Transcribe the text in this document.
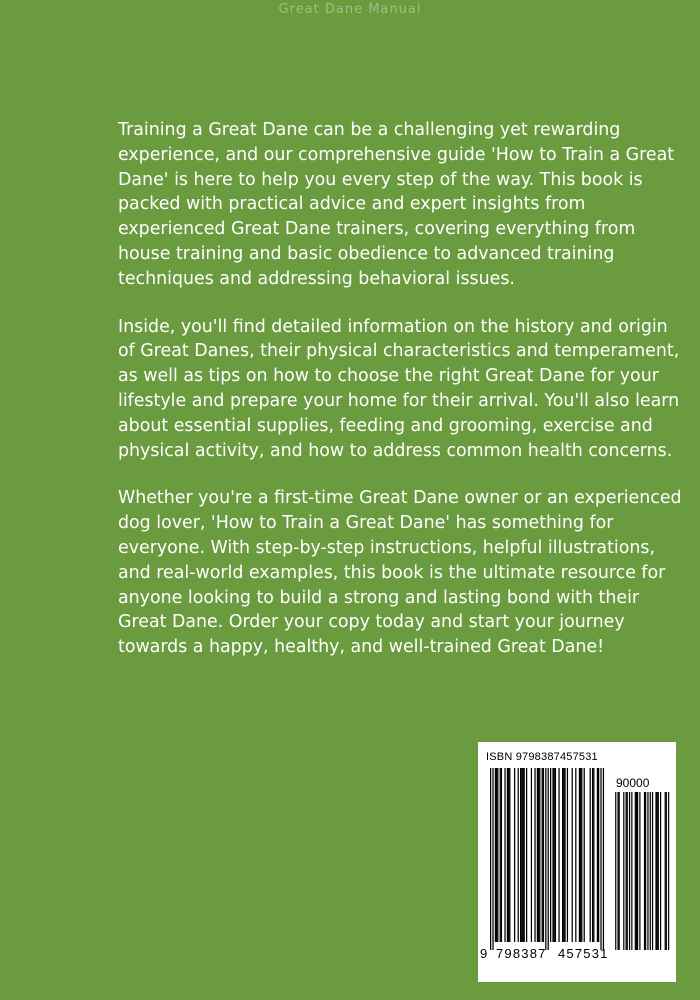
Great Dane Manual

Training a Great Dane can be a challenging yet rewarding experience, and our comprehensive guide 'How to Train a Great Dane' is here to help you every step of the way. This book is packed with practical advice and expert insights from experienced Great Dane trainers, covering everything from house training and basic obedience to advanced training techniques and addressing behavioral issues.

Inside, you'll find detailed information on the history and origin of Great Danes, their physical characteristics and temperament, as well as tips on how to choose the right Great Dane for your lifestyle and prepare your home for their arrival. You'll also learn about essential supplies, feeding and grooming, exercise and physical activity, and how to address common health concerns.

Whether you're a first-time Great Dane owner or an experienced dog lover, 'How to Train a Great Dane' has something for everyone. With step-by-step instructions, helpful illustrations, and real-world examples, this book is the ultimate resource for anyone looking to build a strong and lasting bond with their Great Dane. Order your copy today and start your journey towards a happy, healthy, and well-trained Great Dane!

ISBN 9798387457531
90000
9 798387 457531
